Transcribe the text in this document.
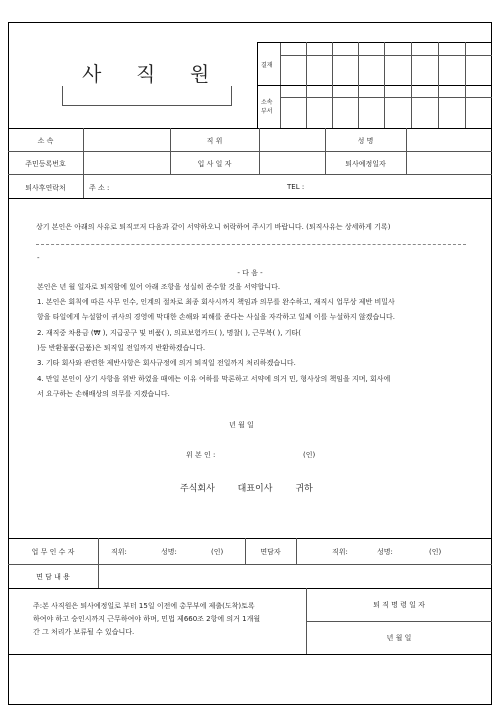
사 직 원	결재
소속
부서
소 속	직 위	성 명
주민등록번호	입 사 일 자	퇴사예정일자
퇴사후연락처	주 소 :	TEL :
상기 본인은 아래의 사유로 퇴직코저 다음과 같이 서약하오니 허락하여 주시기 바랍니다. (퇴직사유는 상세하게 기록)
-
- 다 음 -
본인은 년 월 일자로 퇴직함에 있어 아래 조항을 성실히 준수할 것을 서약합니다.
1. 본인은 회칙에 따른 사무 인수, 인계의 절차로 최종 회사시까지 책임과 의무를 완수하고, 재직시 업무상 제반 비밀사
항을 타일에게 누설함이 귀사의 경영에 막대한 손해와 피해를 준다는 사실을 자각하고 일체 이를 누설하지 않겠습니다.
2. 재직중 차용금 (₩ ), 지급공구 및 비품( ), 의료보험카드( ), 명찰( ), 근무복( ), 기타(
)등 반환물품(금품)은 퇴직일 전일까지 반환하겠습니다.
3. 기타 회사와 관련한 제반사항은 회사규정에 의거 퇴직일 전일까지 처리하겠습니다.
4. 만일 본인이 상기 사항을 위반 하였을 때에는 이유 여하를 막론하고 서약에 의거 민, 형사상의 책임을 지며, 회사에
서 요구하는 손해배상의 의무를 지겠습니다.
년 월 일
위 본 인 :	(인)
주식회사        대표이사        귀하
업 무 인 수 자	직위:	성명:	(인)	면담자	직위:	성명:	(인)
면 담 내 용
주:본 사직원은 퇴사예정일로 부터 15일 이전에 총무부에 제출(도착)토록
하여야 하고 승인시까지 근무하여야 하며, 민법 제660조 2항에 의거 1개월
간 그 처리가 보류될 수 있습니다.
퇴 직 명 령 일 자
년 월 일
